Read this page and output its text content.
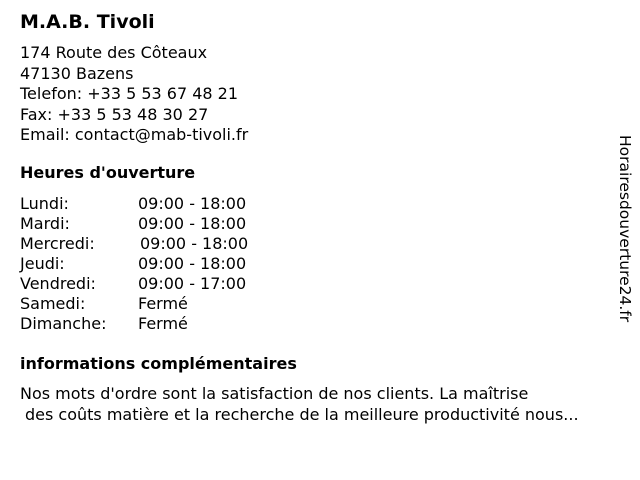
M.A.B. Tivoli
174 Route des Côteaux
47130 Bazens
Telefon: +33 5 53 67 48 21
Fax: +33 5 53 48 30 27
Email: contact@mab-tivoli.fr
Heures d'ouverture
Lundi:	09:00 - 18:00
Mardi:	09:00 - 18:00
Mercredi:	09:00 - 18:00
Jeudi:	09:00 - 18:00
Vendredi:	09:00 - 17:00
Samedi:	Fermé
Dimanche: Fermé
informations complémentaires
Nos mots d'ordre sont la satisfaction de nos clients. La maîtrise
des coûts matière et la recherche de la meilleure productivité nous...
Horairesdouverture24.fr
